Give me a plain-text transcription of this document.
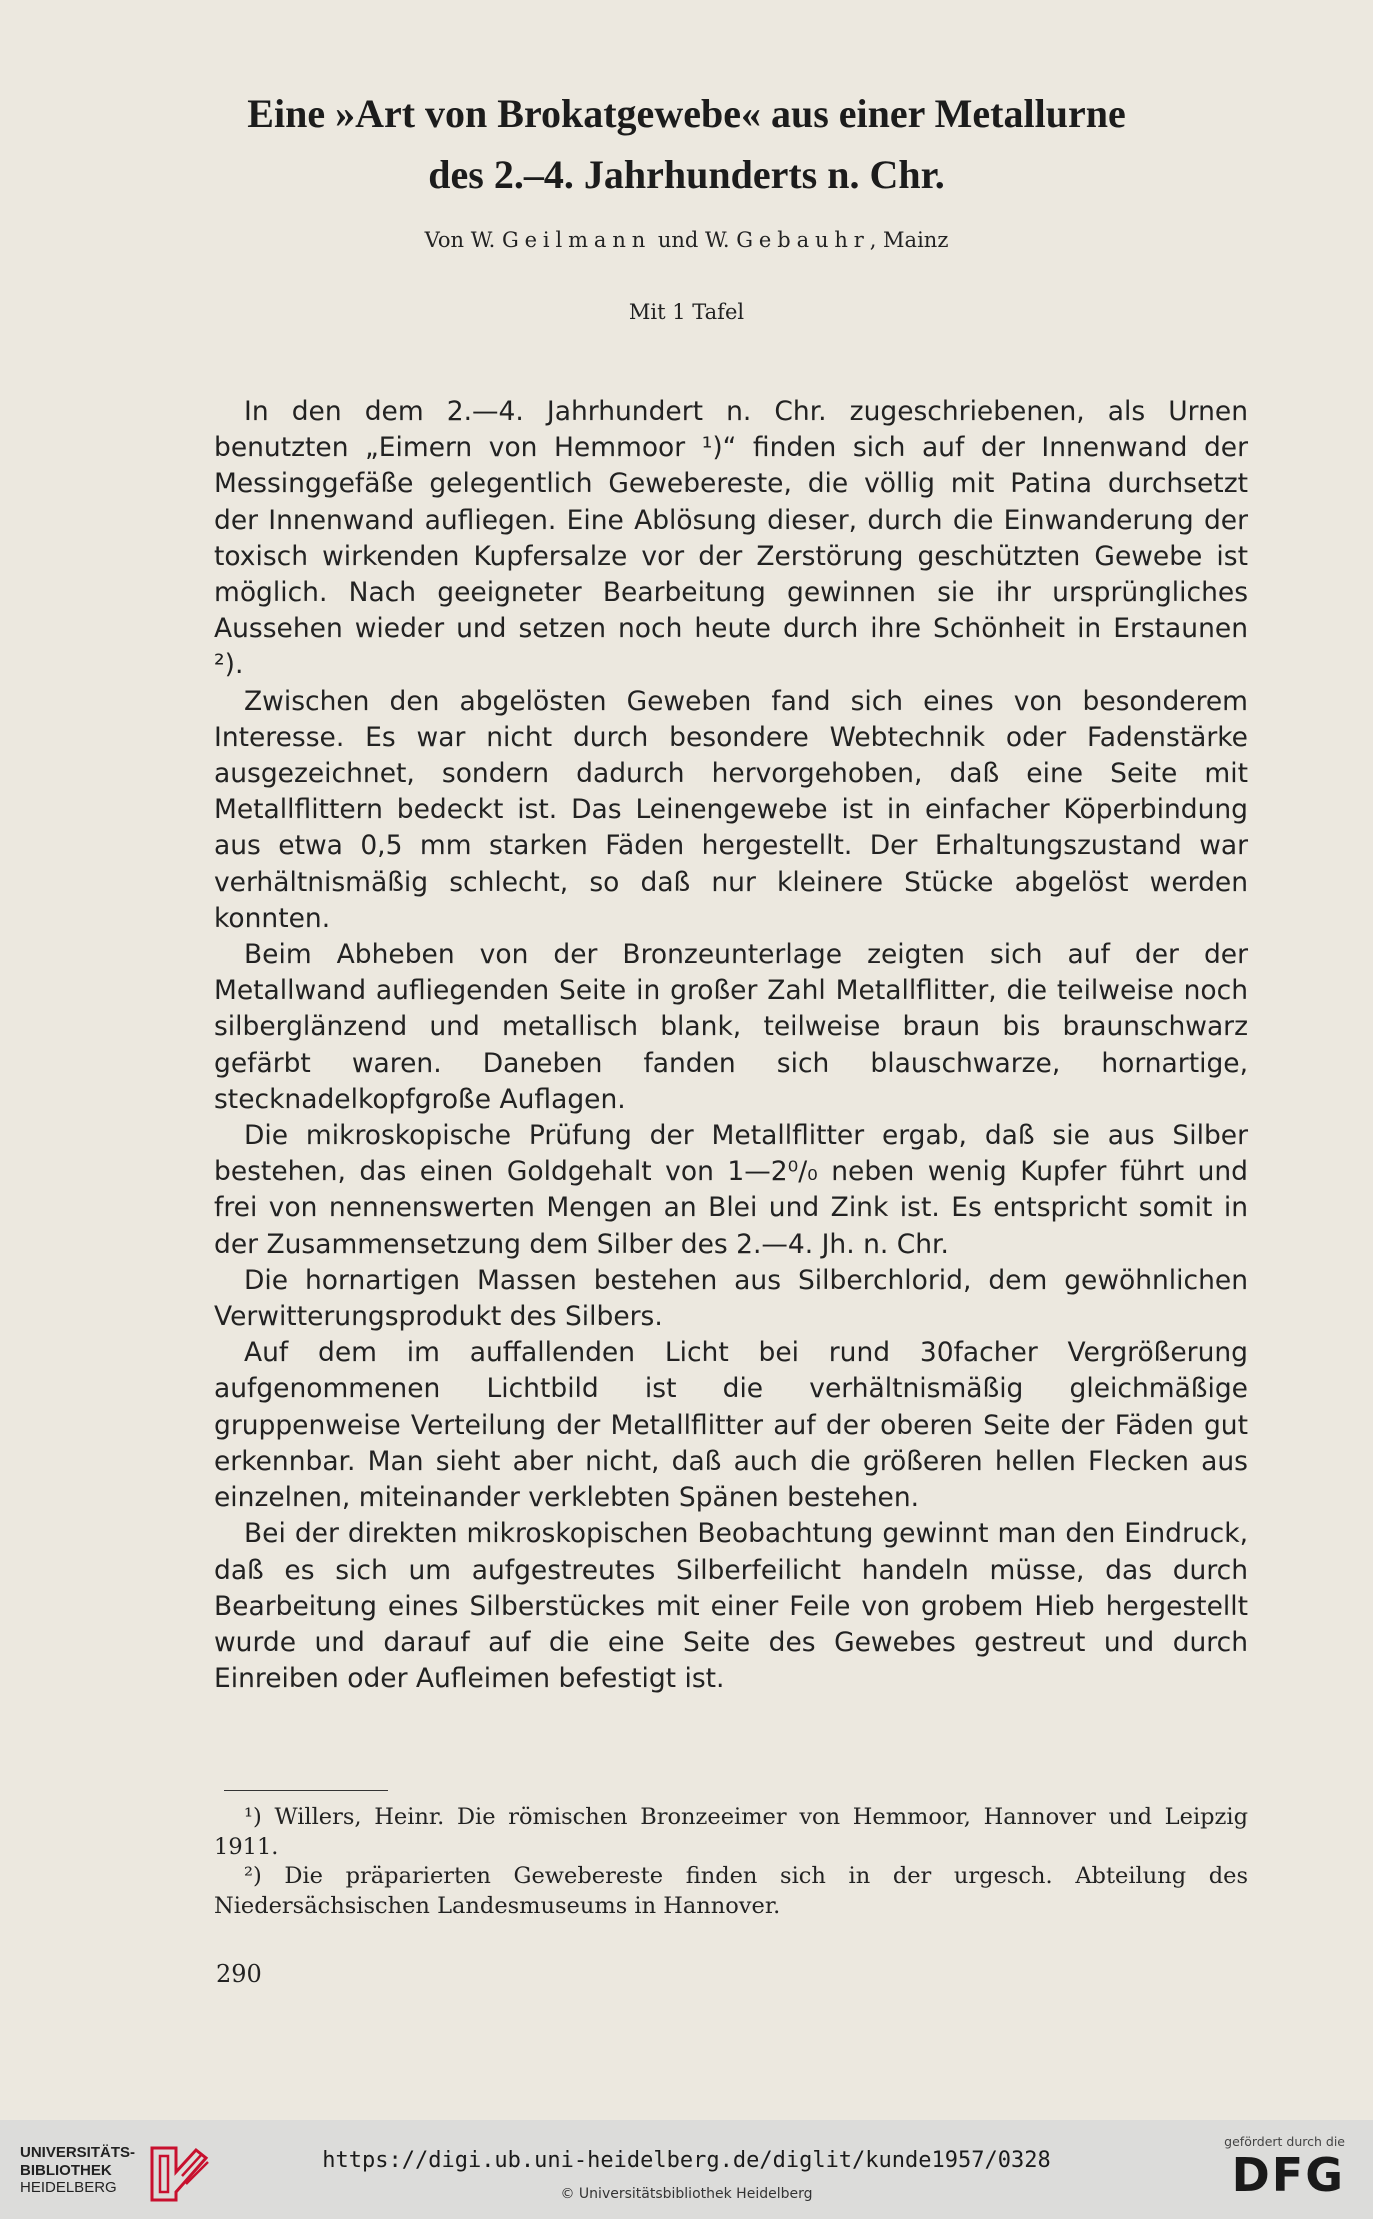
Eine »Art von Brokatgewebe« aus einer Metallurne
des 2.–4. Jahrhunderts n. Chr.
Von W. Geilmann und W. Gebauhr, Mainz
Mit 1 Tafel

In den dem 2.—4. Jahrhundert n. Chr. zugeschriebenen, als Urnen benutzten „Eimern von Hemmoor ¹)“ finden sich auf der Innenwand der Messinggefäße gelegentlich Gewebereste, die völlig mit Patina durchsetzt der Innenwand aufliegen. Eine Ablösung dieser, durch die Einwanderung der toxisch wirkenden Kupfersalze vor der Zerstörung geschützten Gewebe ist möglich. Nach geeigneter Bearbeitung gewinnen sie ihr ursprüngliches Aussehen wieder und setzen noch heute durch ihre Schönheit in Erstaunen ²).

Zwischen den abgelösten Geweben fand sich eines von besonderem Interesse. Es war nicht durch besondere Webtechnik oder Fadenstärke ausgezeichnet, sondern dadurch hervorgehoben, daß eine Seite mit Metallflittern bedeckt ist. Das Leinengewebe ist in einfacher Köperbindung aus etwa 0,5 mm starken Fäden hergestellt. Der Erhaltungszustand war verhältnismäßig schlecht, so daß nur kleinere Stücke abgelöst werden konnten.

Beim Abheben von der Bronzeunterlage zeigten sich auf der der Metallwand aufliegenden Seite in großer Zahl Metallflitter, die teilweise noch silberglänzend und metallisch blank, teilweise braun bis braunschwarz gefärbt waren. Daneben fanden sich blauschwarze, hornartige, stecknadelkopfgroße Auflagen.

Die mikroskopische Prüfung der Metallflitter ergab, daß sie aus Silber bestehen, das einen Goldgehalt von 1—2⁰/₀ neben wenig Kupfer führt und frei von nennenswerten Mengen an Blei und Zink ist. Es entspricht somit in der Zusammensetzung dem Silber des 2.—4. Jh. n. Chr.

Die hornartigen Massen bestehen aus Silberchlorid, dem gewöhnlichen Verwitterungsprodukt des Silbers.

Auf dem im auffallenden Licht bei rund 30facher Vergrößerung aufgenommenen Lichtbild ist die verhältnismäßig gleichmäßige gruppenweise Verteilung der Metallflitter auf der oberen Seite der Fäden gut erkennbar. Man sieht aber nicht, daß auch die größeren hellen Flecken aus einzelnen, miteinander verklebten Spänen bestehen.

Bei der direkten mikroskopischen Beobachtung gewinnt man den Eindruck, daß es sich um aufgestreutes Silberfeilicht handeln müsse, das durch Bearbeitung eines Silberstückes mit einer Feile von grobem Hieb hergestellt wurde und darauf auf die eine Seite des Gewebes gestreut und durch Einreiben oder Aufleimen befestigt ist.

¹) Willers, Heinr. Die römischen Bronzeeimer von Hemmoor, Hannover und Leipzig 1911.

²) Die präparierten Gewebereste finden sich in der urgesch. Abteilung des Niedersächsischen Landesmuseums in Hannover.

290
UNIVERSITÄTS-
BIBLIOTHEK
HEIDELBERG
https://digi.ub.uni-heidelberg.de/diglit/kunde1957/0328
© Universitätsbibliothek Heidelberg
gefördert durch die
DFG
